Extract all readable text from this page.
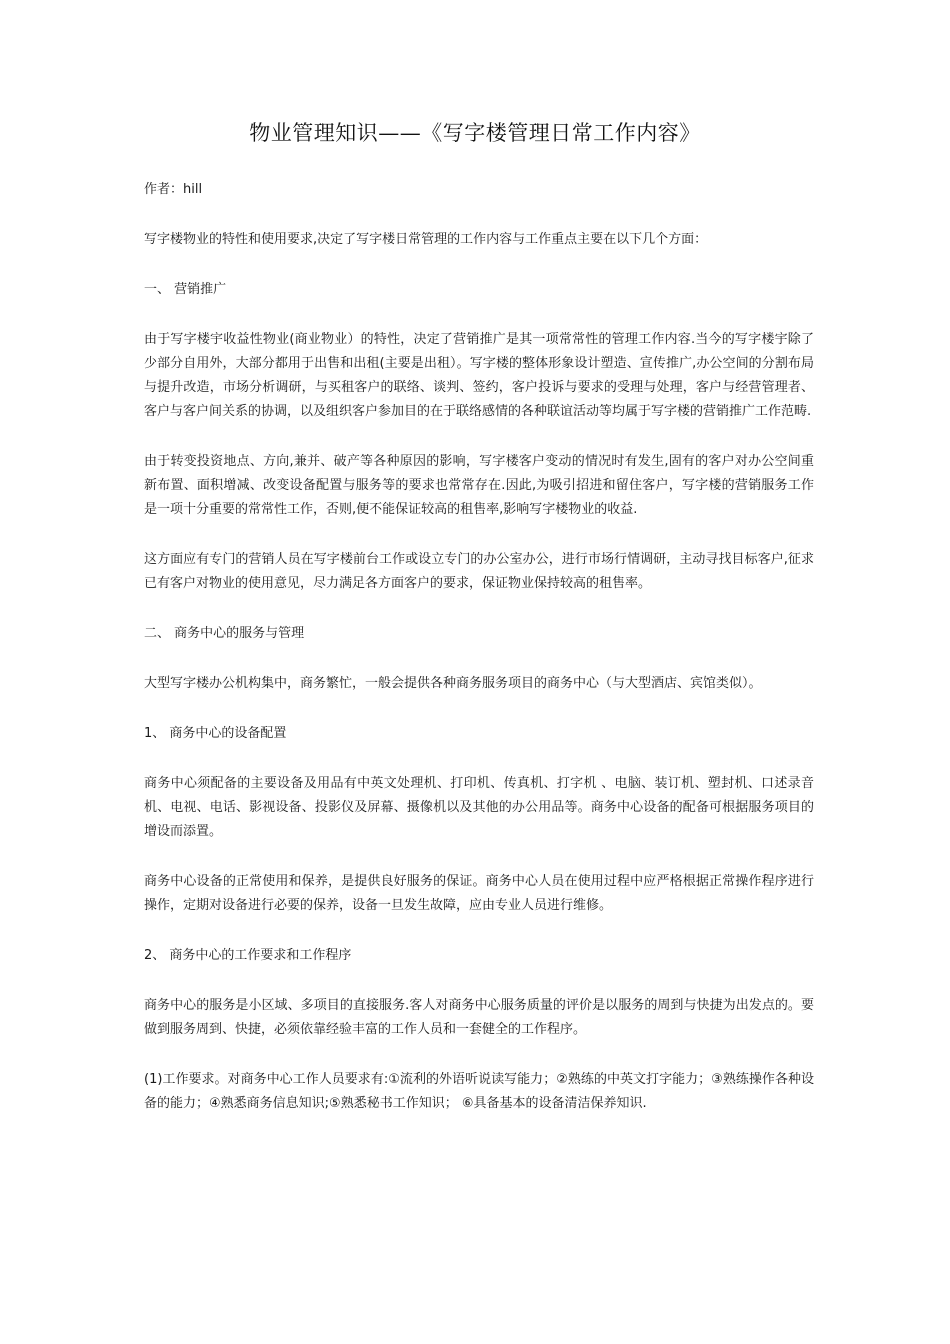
物业管理知识——《写字楼管理日常工作内容》

作者：hill

写字楼物业的特性和使用要求,决定了写字楼日常管理的工作内容与工作重点主要在以下几个方面：

一、 营销推广

由于写字楼宇收益性物业(商业物业）的特性，决定了营销推广是其一项常常性的管理工作内容.当今的写字楼宇除了少部分自用外，大部分都用于出售和出租(主要是出租）。写字楼的整体形象设计塑造、宣传推广,办公空间的分割布局与提升改造，市场分析调研，与买租客户的联络、谈判、签约，客户投诉与要求的受理与处理，客户与经营管理者、客户与客户间关系的协调，以及组织客户参加目的在于联络感情的各种联谊活动等均属于写字楼的营销推广工作范畴.

由于转变投资地点、方向,兼并、破产等各种原因的影响，写字楼客户变动的情况时有发生,固有的客户对办公空间重新布置、面积增减、改变设备配置与服务等的要求也常常存在.因此,为吸引招进和留住客户，写字楼的营销服务工作是一项十分重要的常常性工作，否则,便不能保证较高的租售率,影响写字楼物业的收益.

这方面应有专门的营销人员在写字楼前台工作或设立专门的办公室办公，进行市场行情调研，主动寻找目标客户,征求已有客户对物业的使用意见，尽力满足各方面客户的要求，保证物业保持较高的租售率。

二、 商务中心的服务与管理

大型写字楼办公机构集中，商务繁忙，一般会提供各种商务服务项目的商务中心（与大型酒店、宾馆类似）。

1、 商务中心的设备配置

商务中心须配备的主要设备及用品有中英文处理机、打印机、传真机、打字机 、电脑、装订机、塑封机、口述录音机、电视、电话、影视设备、投影仪及屏幕、摄像机以及其他的办公用品等。商务中心设备的配备可根据服务项目的增设而添置。

商务中心设备的正常使用和保养，是提供良好服务的保证。商务中心人员在使用过程中应严格根据正常操作程序进行操作，定期对设备进行必要的保养，设备一旦发生故障，应由专业人员进行维修。

2、 商务中心的工作要求和工作程序

商务中心的服务是小区域、多项目的直接服务.客人对商务中心服务质量的评价是以服务的周到与快捷为出发点的。要做到服务周到、快捷，必须依靠经验丰富的工作人员和一套健全的工作程序。

(1)工作要求。对商务中心工作人员要求有:①流利的外语听说读写能力；②熟练的中英文打字能力；③熟练操作各种设备的能力；④熟悉商务信息知识;⑤熟悉秘书工作知识； ⑥具备基本的设备清洁保养知识.
